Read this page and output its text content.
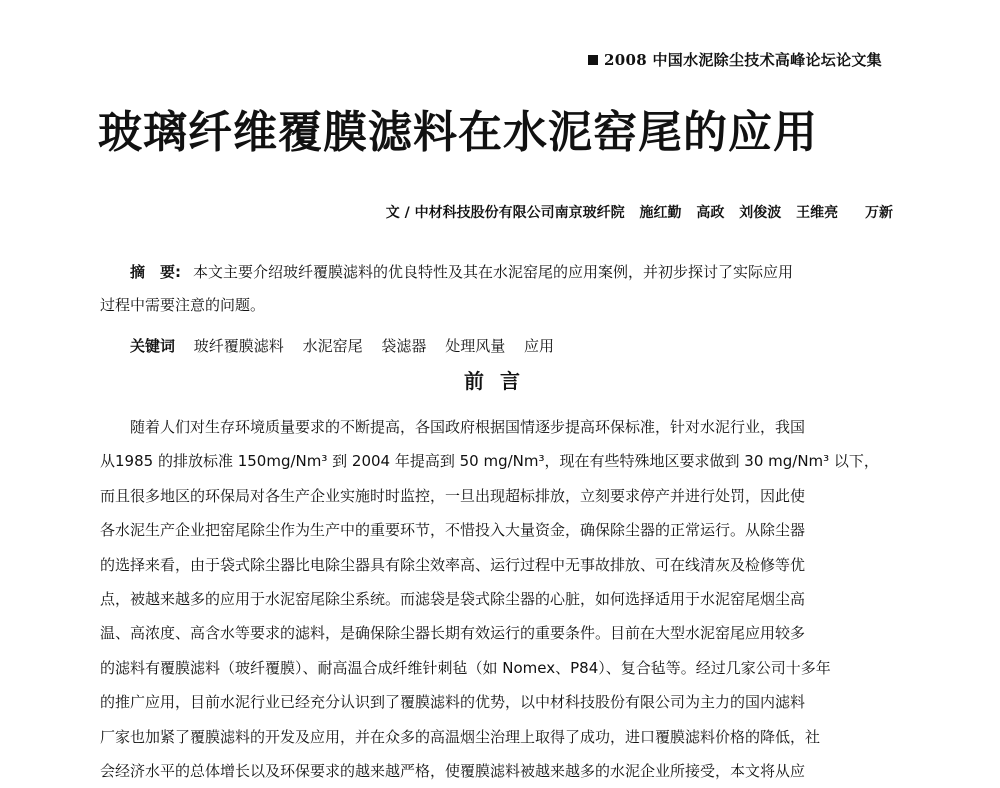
2008 中国水泥除尘技术高峰论坛论文集
玻璃纤维覆膜滤料在水泥窑尾的应用
文 / 中材科技股份有限公司南京玻纤院 施红勤 高政 刘俊波 王维亮 万新
摘　要: 本文主要介绍玻纤覆膜滤料的优良特性及其在水泥窑尾的应用案例，并初步探讨了实际应用
过程中需要注意的问题。
关键词 玻纤覆膜滤料 水泥窑尾 袋滤器 处理风量 应用
前言
随着人们对生存环境质量要求的不断提高，各国政府根据国情逐步提高环保标准，针对水泥行业，我国
从1985 的排放标准 150mg/Nm³ 到 2004 年提高到 50 mg/Nm³，现在有些特殊地区要求做到 30 mg/Nm³ 以下，
而且很多地区的环保局对各生产企业实施时时监控，一旦出现超标排放，立刻要求停产并进行处罚，因此使
各水泥生产企业把窑尾除尘作为生产中的重要环节，不惜投入大量资金，确保除尘器的正常运行。从除尘器
的选择来看，由于袋式除尘器比电除尘器具有除尘效率高、运行过程中无事故排放、可在线清灰及检修等优
点，被越来越多的应用于水泥窑尾除尘系统。而滤袋是袋式除尘器的心脏，如何选择适用于水泥窑尾烟尘高
温、高浓度、高含水等要求的滤料，是确保除尘器长期有效运行的重要条件。目前在大型水泥窑尾应用较多
的滤料有覆膜滤料（玻纤覆膜）、耐高温合成纤维针刺毡（如 Nomex、P84）、复合毡等。经过几家公司十多年
的推广应用，目前水泥行业已经充分认识到了覆膜滤料的优势，以中材科技股份有限公司为主力的国内滤料
厂家也加紧了覆膜滤料的开发及应用，并在众多的高温烟尘治理上取得了成功，进口覆膜滤料价格的降低，社
会经济水平的总体增长以及环保要求的越来越严格，使覆膜滤料被越来越多的水泥企业所接受，本文将从应
